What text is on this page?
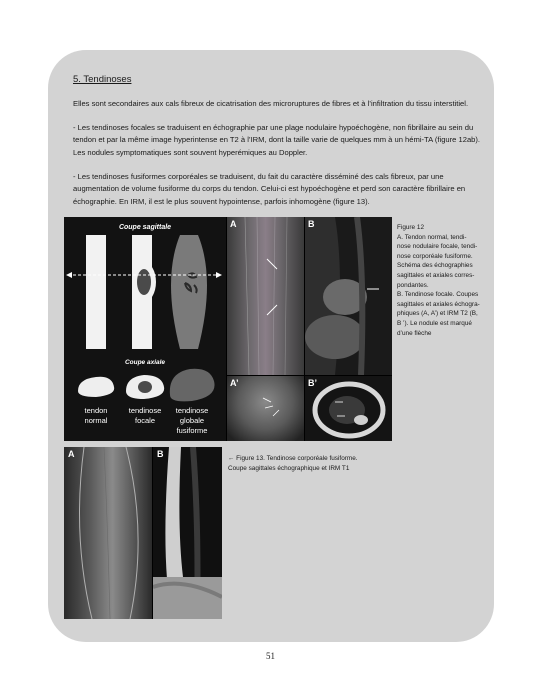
5. Tendinoses
Elles sont secondaires aux cals fibreux de cicatrisation des microruptures de fibres et à l’infiltration du tissu interstitiel.
- Les tendinoses focales se traduisent en échographie par une plage nodulaire hypoéchogène, non fibrillaire au sein du tendon et par la même image hyperintense en T2 à l’IRM, dont la taille varie de quelques mm à un hémi-TA (figure 12ab). Les nodules symptomatiques sont souvent hyperémiques au Doppler.
- Les tendinoses fusiformes corporéales se traduisent, du fait du caractère disséminé des cals fibreux, par une augmentation de volume fusiforme du corps du tendon. Celui-ci est hypoéchogène et perd son caractère fibrillaire en échographie. En IRM, il est le plus souvent hypointense, parfois inhomogène (figure 13).
Coupe sagittale
Coupe axiale
tendon
normal
tendinose
focale
tendinose
globale
fusiforme
A	B
A’	B’
Figure 12
A. Tendon normal, tendi-
nose nodulaire focale, tendi-
nose corporéale fusiforme.
Schéma des échographies
sagittales et axiales corres-
pondantes.
B. Tendinose focale. Coupes
sagittales et axiales échogra-
phiques (A, A’) et IRM T2 (B,
B ’). Le nodule est marqué
d’une flèche
A	B	← Figure 13. Tendinose corporéale fusiforme.
Coupe sagittales échographique et IRM T1
51
